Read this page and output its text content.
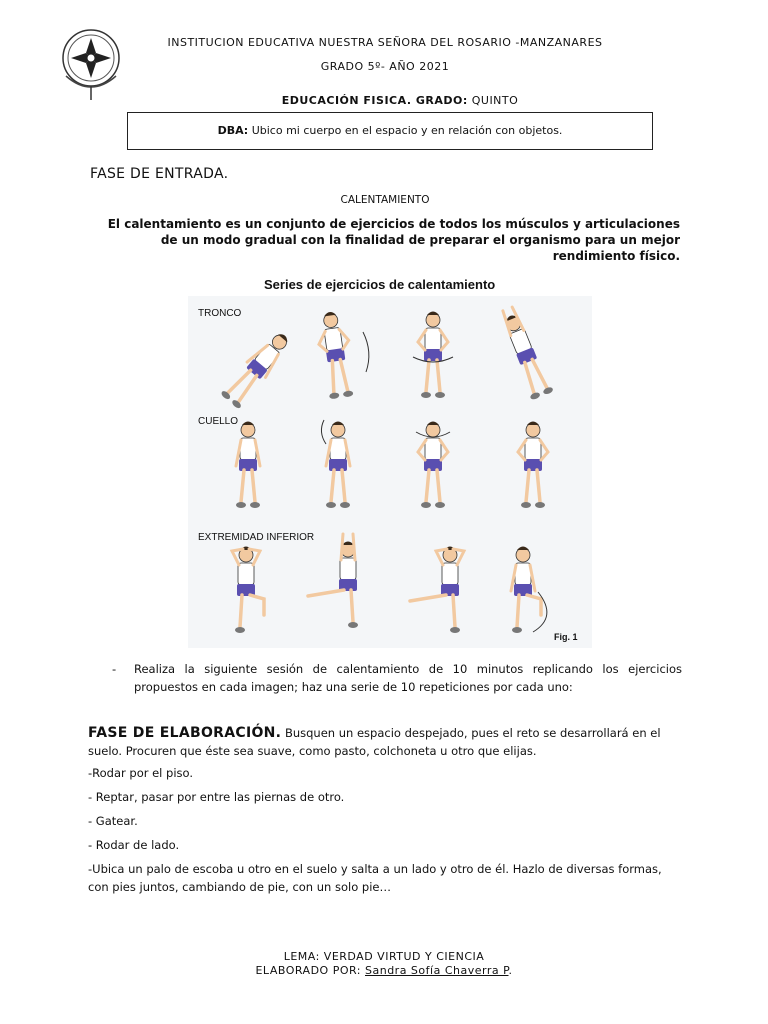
INSTITUCION EDUCATIVA NUESTRA SEÑORA DEL ROSARIO -MANZANARES
GRADO 5º- AÑO 2021
EDUCACIÓN FISICA. GRADO: QUINTO
DBA: Ubico mi cuerpo en el espacio y en relación con objetos.
FASE DE ENTRADA.
CALENTAMIENTO
El calentamiento es un conjunto de ejercicios de todos los músculos y articulaciones de un modo gradual con la finalidad de preparar el organismo para un mejor rendimiento físico.
Series de ejercicios de calentamiento
TRONCO
CUELLO
EXTREMIDAD INFERIOR
Fig. 1
- Realiza la siguiente sesión de calentamiento de 10 minutos replicando los ejercicios propuestos en cada imagen; haz una serie de 10 repeticiones por cada uno:
FASE DE ELABORACIÓN. Busquen un espacio despejado, pues el reto se desarrollará en el suelo. Procuren que éste sea suave, como pasto, colchoneta u otro que elijas.
-Rodar por el piso.
- Reptar, pasar por entre las piernas de otro.
- Gatear.
- Rodar de lado.
-Ubica un palo de escoba u otro en el suelo y salta a un lado y otro de él. Hazlo de diversas formas, con pies juntos, cambiando de pie, con un solo pie…
LEMA: VERDAD VIRTUD Y CIENCIA
ELABORADO POR: Sandra Sofía Chaverra P.
